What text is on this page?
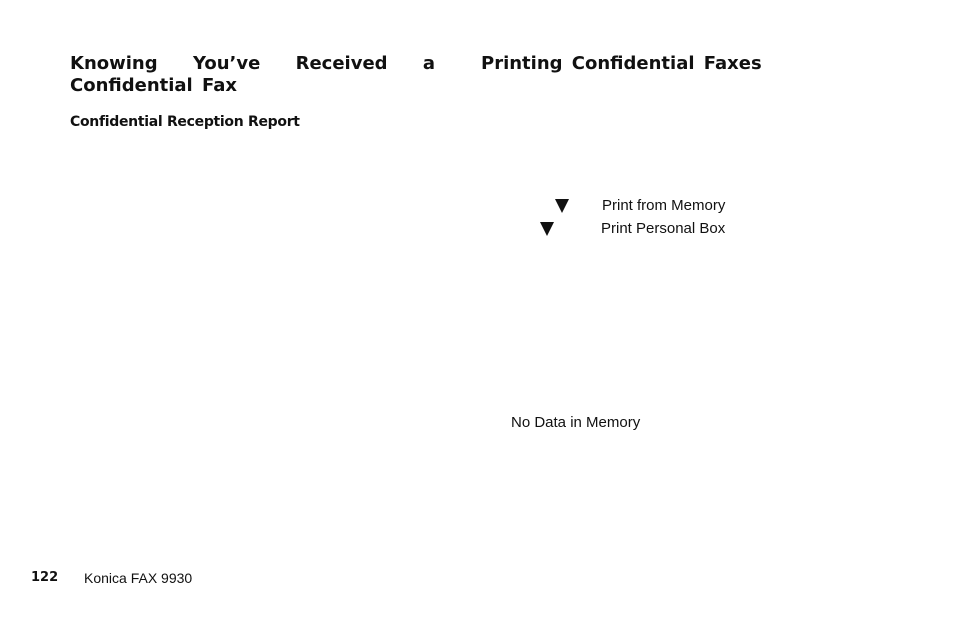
Knowing You’ve Received a Confidential Fax
Confidential Reception Report
Printing Confidential Faxes
Print from Memory
Print Personal Box
No Data in Memory
122 Konica FAX 9930
